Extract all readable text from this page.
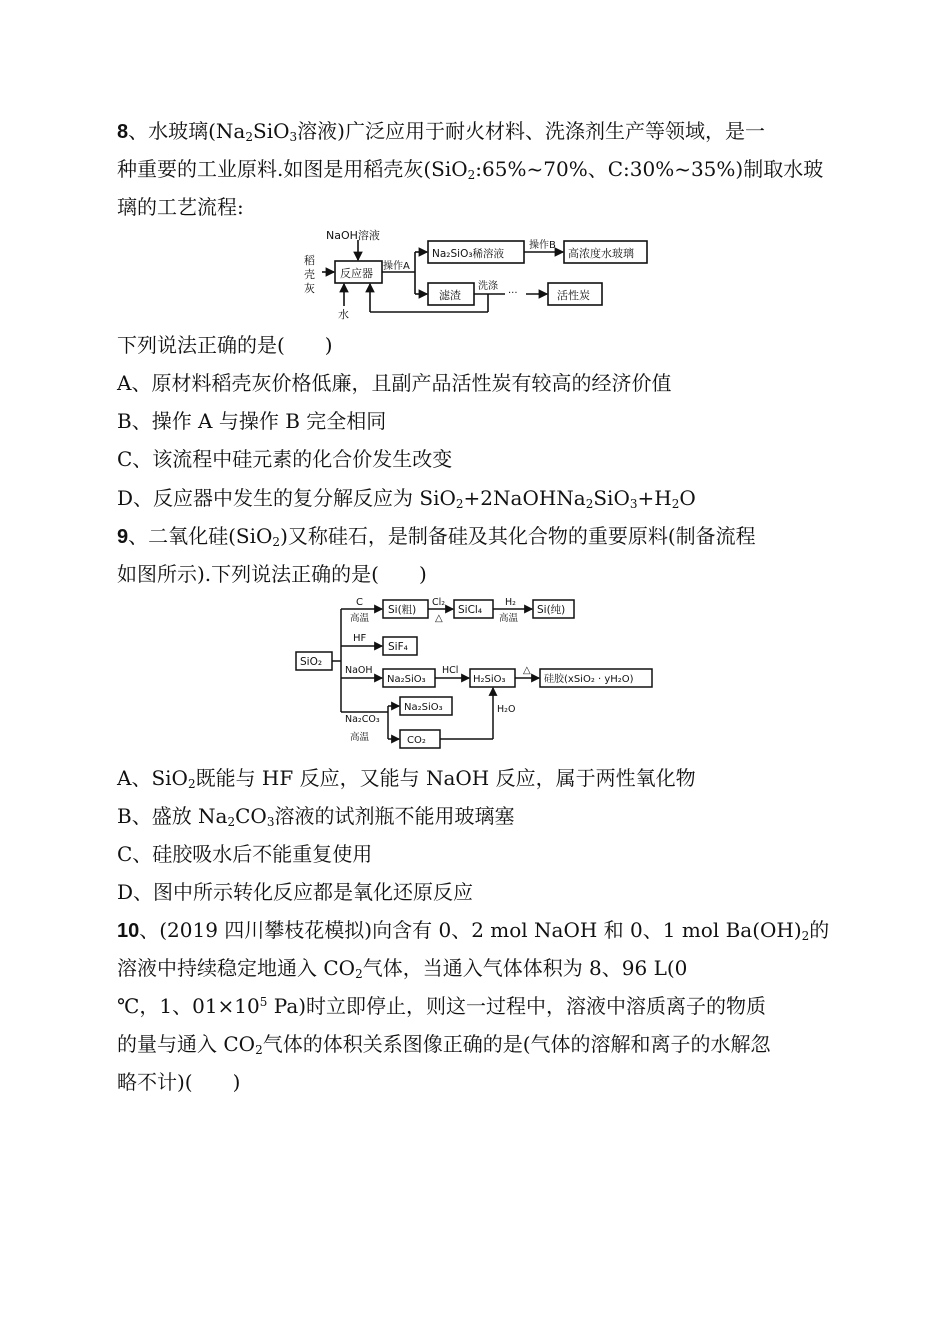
8、水玻璃($Na_2SiO_3$溶液)广泛应用于耐火材料、洗涤剂生产等领域，是一
种重要的工业原料.如图是用稻壳灰(SiO$_2$:65%~70%、C:30%~35%)制取水玻
璃的工艺流程:
NaOH溶液
稻
壳
灰
反应器
操作A
水
Na₂SiO₃稀溶液
操作B
高浓度水玻璃
滤渣
洗涤
···	活性炭
下列说法正确的是(　　)
A、原材料稻壳灰价格低廉，且副产品活性炭有较高的经济价值
B、操作 A 与操作 B 完全相同
C、该流程中硅元素的化合价发生改变
D、反应器中发生的复分解反应为 $SiO_2+2NaOHNa_2SiO_3+H_2O$
9、二氧化硅(SiO$_2$)又称硅石，是制备硅及其化合物的重要原料(制备流程
如图所示).下列说法正确的是(　　)
SiO₂
C
高温
Si(粗)
Cl₂
△
SiCl₄
H₂
高温
Si(纯)
HF
SiF₄
NaOH
Na₂SiO₃
HCl
H₂SiO₃
△
硅胶(xSiO₂ · yH₂O)
Na₂CO₃
高温
Na₂SiO₃
CO₂
H₂O
A、SiO$_2$既能与 HF 反应，又能与 NaOH 反应，属于两性氧化物
B、盛放 $Na_2CO_3$溶液的试剂瓶不能用玻璃塞
C、硅胶吸水后不能重复使用
D、图中所示转化反应都是氧化还原反应
10、(2019 四川攀枝花模拟)向含有 0、2 mol NaOH 和 0、1 mol $Ba(OH)_2$的
溶液中持续稳定地通入 $CO_2$气体，当通入气体体积为 8、96 L(0
℃，1、$01\times 10^5$ Pa)时立即停止，则这一过程中，溶液中溶质离子的物质
的量与通入 $CO_2$气体的体积关系图像正确的是(气体的溶解和离子的水解忽
略不计)(　　)
